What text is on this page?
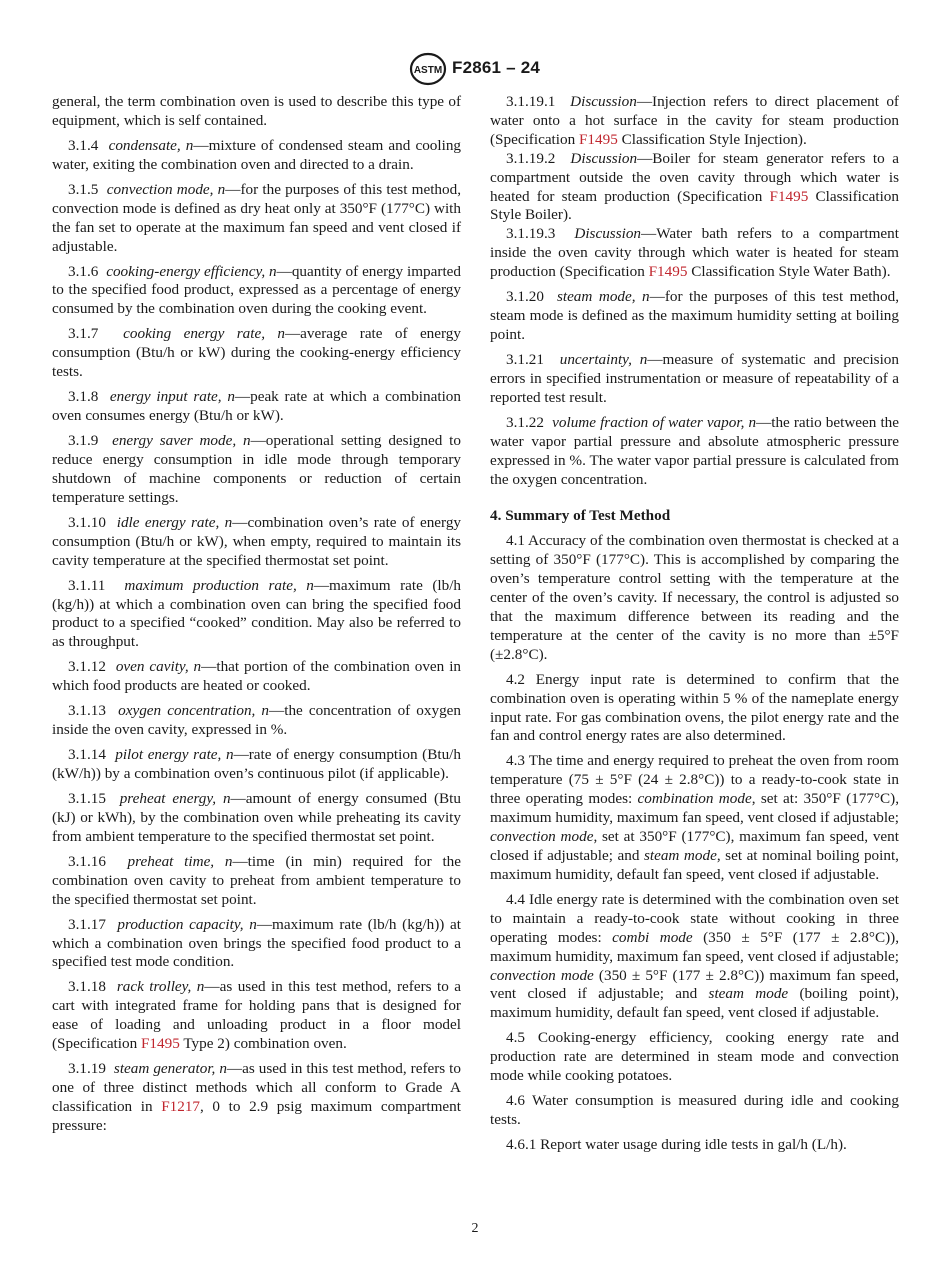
ASTM F2861 – 24

general, the term combination oven is used to describe this type of equipment, which is self contained.

3.1.4 condensate, n—mixture of condensed steam and cooling water, exiting the combination oven and directed to a drain.

3.1.5 convection mode, n—for the purposes of this test method, convection mode is defined as dry heat only at 350°F (177°C) with the fan set to operate at the maximum fan speed and vent closed if adjustable.

3.1.6 cooking-energy efficiency, n—quantity of energy imparted to the specified food product, expressed as a percentage of energy consumed by the combination oven during the cooking event.

3.1.7 cooking energy rate, n—average rate of energy consumption (Btu/h or kW) during the cooking-energy efficiency tests.

3.1.8 energy input rate, n—peak rate at which a combination oven consumes energy (Btu/h or kW).

3.1.9 energy saver mode, n—operational setting designed to reduce energy consumption in idle mode through temporary shutdown of machine components or reduction of certain temperature settings.

3.1.10 idle energy rate, n—combination oven’s rate of energy consumption (Btu/h or kW), when empty, required to maintain its cavity temperature at the specified thermostat set point.

3.1.11 maximum production rate, n—maximum rate (lb/h (kg/h)) at which a combination oven can bring the specified food product to a specified “cooked” condition. May also be referred to as throughput.

3.1.12 oven cavity, n—that portion of the combination oven in which food products are heated or cooked.

3.1.13 oxygen concentration, n—the concentration of oxygen inside the oven cavity, expressed in %.

3.1.14 pilot energy rate, n—rate of energy consumption (Btu/h (kW/h)) by a combination oven’s continuous pilot (if applicable).

3.1.15 preheat energy, n—amount of energy consumed (Btu (kJ) or kWh), by the combination oven while preheating its cavity from ambient temperature to the specified thermostat set point.

3.1.16 preheat time, n—time (in min) required for the combination oven cavity to preheat from ambient temperature to the specified thermostat set point.

3.1.17 production capacity, n—maximum rate (lb/h (kg/h)) at which a combination oven brings the specified food product to a specified test mode condition.

3.1.18 rack trolley, n—as used in this test method, refers to a cart with integrated frame for holding pans that is designed for ease of loading and unloading product in a floor model (Specification F1495 Type 2) combination oven.

3.1.19 steam generator, n—as used in this test method, refers to one of three distinct methods which all conform to Grade A classification in F1217, 0 to 2.9 psig maximum compartment pressure:

3.1.19.1 Discussion—Injection refers to direct placement of water onto a hot surface in the cavity for steam production (Specification F1495 Classification Style Injection).

3.1.19.2 Discussion—Boiler for steam generator refers to a compartment outside the oven cavity through which water is heated for steam production (Specification F1495 Classification Style Boiler).

3.1.19.3 Discussion—Water bath refers to a compartment inside the oven cavity through which water is heated for steam production (Specification F1495 Classification Style Water Bath).

3.1.20 steam mode, n—for the purposes of this test method, steam mode is defined as the maximum humidity setting at boiling point.

3.1.21 uncertainty, n—measure of systematic and precision errors in specified instrumentation or measure of repeatability of a reported test result.

3.1.22 volume fraction of water vapor, n—the ratio between the water vapor partial pressure and absolute atmospheric pressure expressed in %. The water vapor partial pressure is calculated from the oxygen concentration.

4. Summary of Test Method

4.1 Accuracy of the combination oven thermostat is checked at a setting of 350°F (177°C). This is accomplished by comparing the oven’s temperature control setting with the temperature at the center of the oven’s cavity. If necessary, the control is adjusted so that the maximum difference between its reading and the temperature at the center of the cavity is no more than ±5°F (±2.8°C).

4.2 Energy input rate is determined to confirm that the combination oven is operating within 5 % of the nameplate energy input rate. For gas combination ovens, the pilot energy rate and the fan and control energy rates are also determined.

4.3 The time and energy required to preheat the oven from room temperature (75 ± 5°F (24 ± 2.8°C)) to a ready-to-cook state in three operating modes: combination mode, set at: 350°F (177°C), maximum humidity, maximum fan speed, vent closed if adjustable; convection mode, set at 350°F (177°C), maximum fan speed, vent closed if adjustable; and steam mode, set at nominal boiling point, maximum humidity, default fan speed, vent closed if adjustable.

4.4 Idle energy rate is determined with the combination oven set to maintain a ready-to-cook state without cooking in three operating modes: combi mode (350 ± 5°F (177 ± 2.8°C)), maximum humidity, maximum fan speed, vent closed if adjustable; convection mode (350 ± 5°F (177 ± 2.8°C)) maximum fan speed, vent closed if adjustable; and steam mode (boiling point), maximum humidity, default fan speed, vent closed if adjustable.

4.5 Cooking-energy efficiency, cooking energy rate and production rate are determined in steam mode and convection mode while cooking potatoes.

4.6 Water consumption is measured during idle and cooking tests.

4.6.1 Report water usage during idle tests in gal/h (L/h).

2
